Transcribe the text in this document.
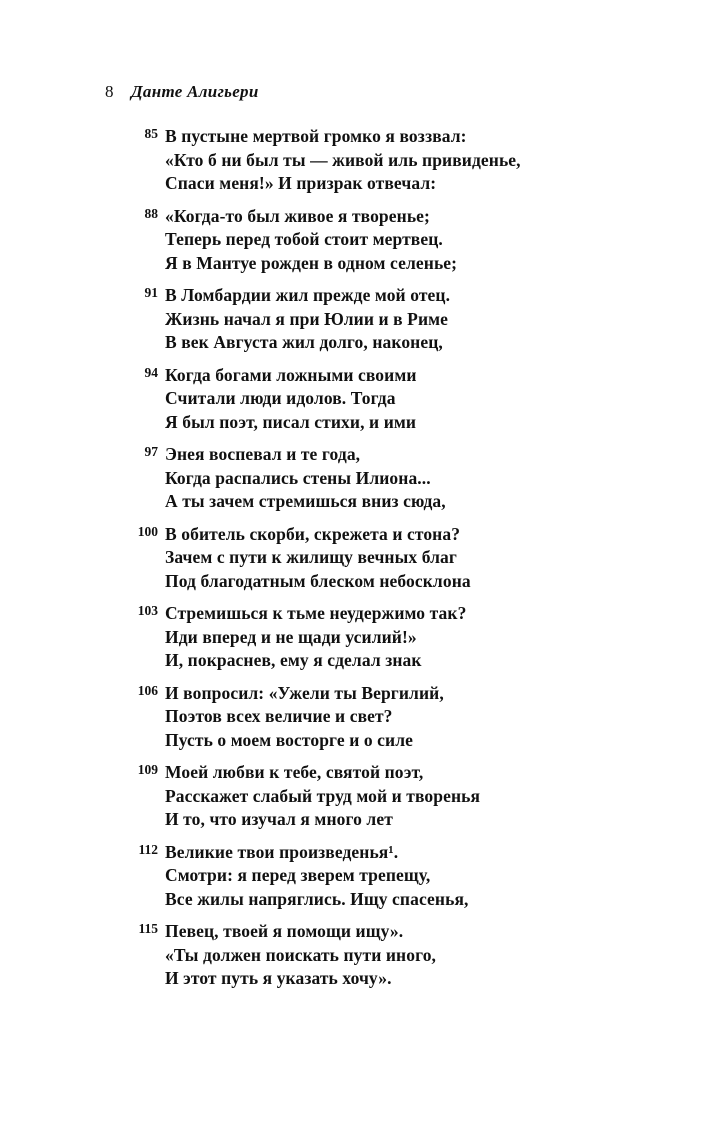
8 Данте Алигьери
85 В пустыне мертвой громко я воззвал:
«Кто б ни был ты — живой иль привиденье,
Спаси меня!» И призрак отвечал:
88 «Когда-то был живое я творенье;
Теперь перед тобой стоит мертвец.
Я в Мантуе рожден в одном селенье;
91 В Ломбардии жил прежде мой отец.
Жизнь начал я при Юлии и в Риме
В век Августа жил долго, наконец,
94 Когда богами ложными своими
Считали люди идолов. Тогда
Я был поэт, писал стихи, и ими
97 Энея воспевал и те года,
Когда распались стены Илиона...
А ты зачем стремишься вниз сюда,
100 В обитель скорби, скрежета и стона?
Зачем с пути к жилищу вечных благ
Под благодатным блеском небосклона
103 Стремишься к тьме неудержимо так?
Иди вперед и не щади усилий!»
И, покраснев, ему я сделал знак
106 И вопросил: «Ужели ты Вергилий,
Поэтов всех величие и свет?
Пусть о моем восторге и о силе
109 Моей любви к тебе, святой поэт,
Расскажет слабый труд мой и творенья
И то, что изучал я много лет
112 Великие твои произведенья¹.
Смотри: я перед зверем трепещу,
Все жилы напряглись. Ищу спасенья,
115 Певец, твоей я помощи ищу».
«Ты должен поискать пути иного,
И этот путь я указать хочу».
